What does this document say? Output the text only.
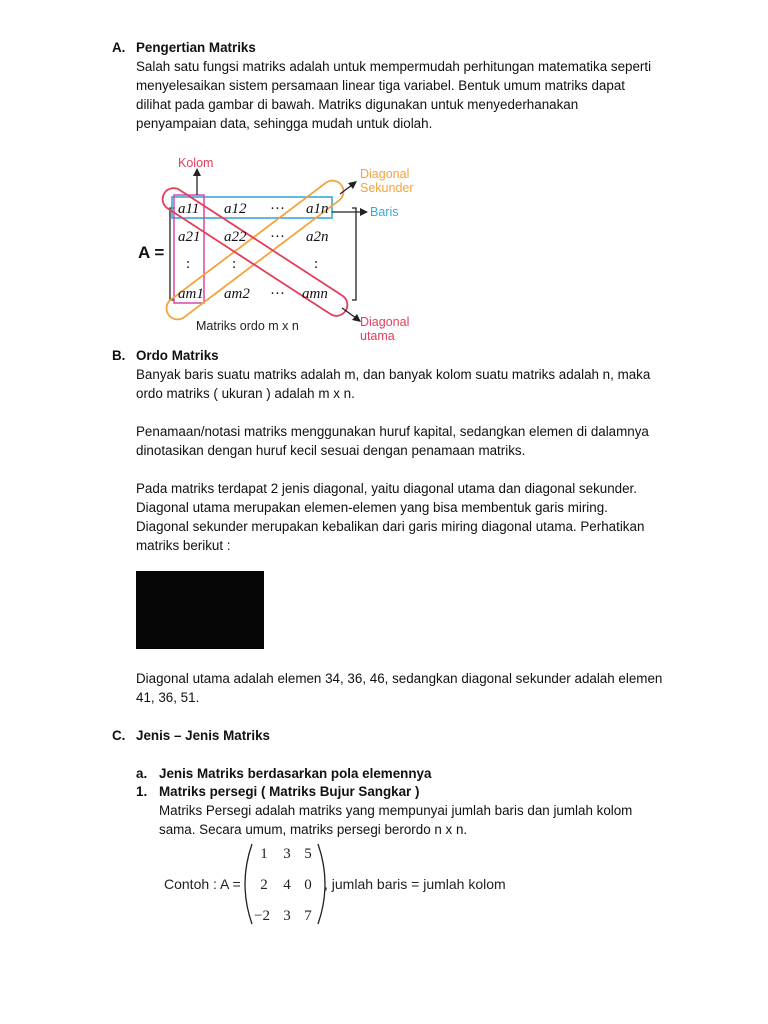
A. Pengertian Matriks
Salah satu fungsi matriks adalah untuk mempermudah perhitungan matematika seperti
menyelesaikan sistem persamaan linear tiga variabel. Bentuk umum matriks dapat
dilihat pada gambar di bawah. Matriks digunakan untuk menyederhanakan
penyampaian data, sehingga mudah untuk diolah.
A =
Baris
Kolom
Diagonal
Sekunder
Diagonal
utama
a11 a12 ··· a1n
a21 a22 ··· a2n
:	:	:
am1 am2 ··· amn
Matriks ordo m x n
B. Ordo Matriks
Banyak baris suatu matriks adalah m, dan banyak kolom suatu matriks adalah n, maka
ordo matriks ( ukuran ) adalah m x n.
Penamaan/notasi matriks menggunakan huruf kapital, sedangkan elemen di dalamnya
dinotasikan dengan huruf kecil sesuai dengan penamaan matriks.
Pada matriks terdapat 2 jenis diagonal, yaitu diagonal utama dan diagonal sekunder.
Diagonal utama merupakan elemen-elemen yang bisa membentuk garis miring.
Diagonal sekunder merupakan kebalikan dari garis miring diagonal utama. Perhatikan
matriks berikut :
Diagonal utama adalah elemen 34, 36, 46, sedangkan diagonal sekunder adalah elemen
41, 36, 51.
C. Jenis – Jenis Matriks
a. Jenis Matriks berdasarkan pola elemennya
1. Matriks persegi ( Matriks Bujur Sangkar )
Matriks Persegi adalah matriks yang mempunyai jumlah baris dan jumlah kolom
sama. Secara umum, matriks persegi berordo n x n.
Contoh : A =
1 3 5
2 4 0
−2 3 7
, jumlah baris = jumlah kolom
